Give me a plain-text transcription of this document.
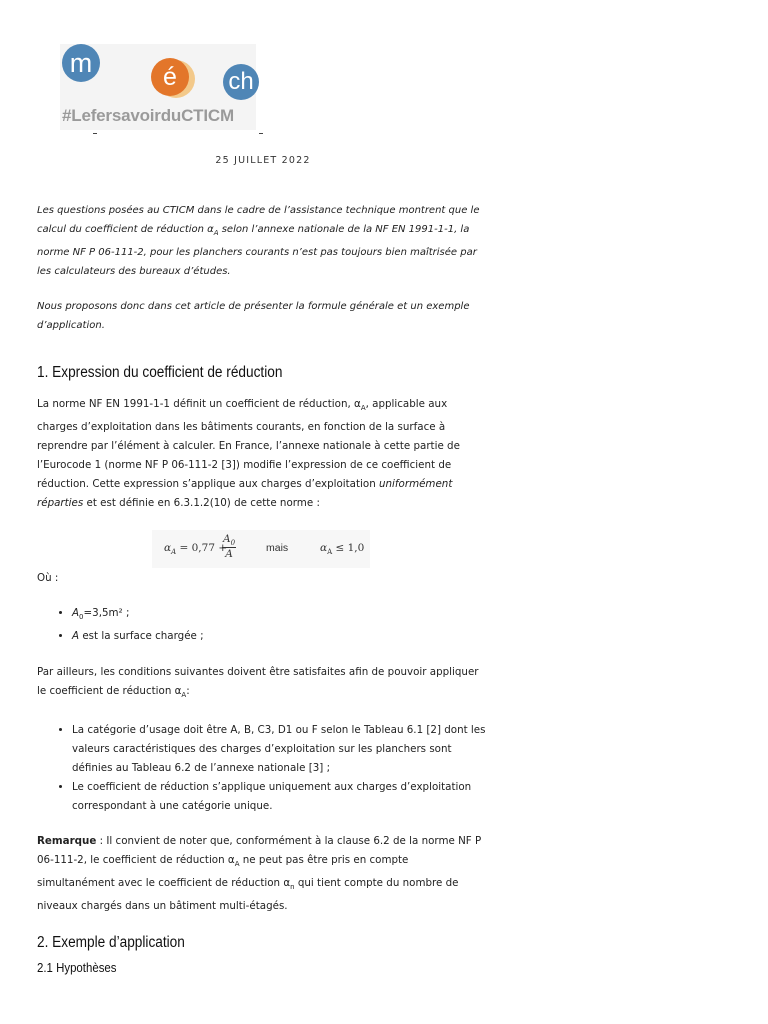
m	é	ch
#LefersavoirduCTICM
25 JUILLET 2022

Les questions posées au CTICM dans le cadre de l’assistance technique montrent que le calcul du coefficient de réduction $\alpha_A$ selon l’annexe nationale de la NF EN 1991-1-1, la norme NF P 06-111-2, pour les planchers courants n’est pas toujours bien maîtrisée par les calculateurs des bureaux d’études.

Nous proposons donc dans cet article de présenter la formule générale et un exemple d’application.

1. Expression du coefficient de réduction

La norme NF EN 1991-1-1 définit un coefficient de réduction, $\alpha_A$, applicable aux charges d’exploitation dans les bâtiments courants, en fonction de la surface à reprendre par l’élément à calculer. En France, l’annexe nationale à cette partie de l’Eurocode 1 (norme NF P 06-111-2 [3]) modifie l’expression de ce coefficient de réduction. Cette expression s’applique aux charges d’exploitation uniformément réparties et est définie en 6.3.1.2(10) de cette norme :

$\alpha_A = 0,77$ +
$\frac{A_0}{A}$	mais	$\alpha_A \le 1,0$

Où :

• $A_0=3,5m^2$ ;
• A est la surface chargée ;

Par ailleurs, les conditions suivantes doivent être satisfaites afin de pouvoir appliquer le coefficient de réduction $\alpha_A$:

• La catégorie d’usage doit être A, B, C3, D1 ou F selon le Tableau 6.1 [2] dont les valeurs caractéristiques des charges d’exploitation sur les planchers sont définies au Tableau 6.2 de l’annexe nationale [3] ;
• Le coefficient de réduction s’applique uniquement aux charges d’exploitation correspondant à une catégorie unique.

Remarque : Il convient de noter que, conformément à la clause 6.2 de la norme NF P 06-111-2, le coefficient de réduction $\alpha_A$ ne peut pas être pris en compte simultanément avec le coefficient de réduction $\alpha_n$ qui tient compte du nombre de niveaux chargés dans un bâtiment multi-étagés.

2. Exemple d’application
2.1 Hypothèses
